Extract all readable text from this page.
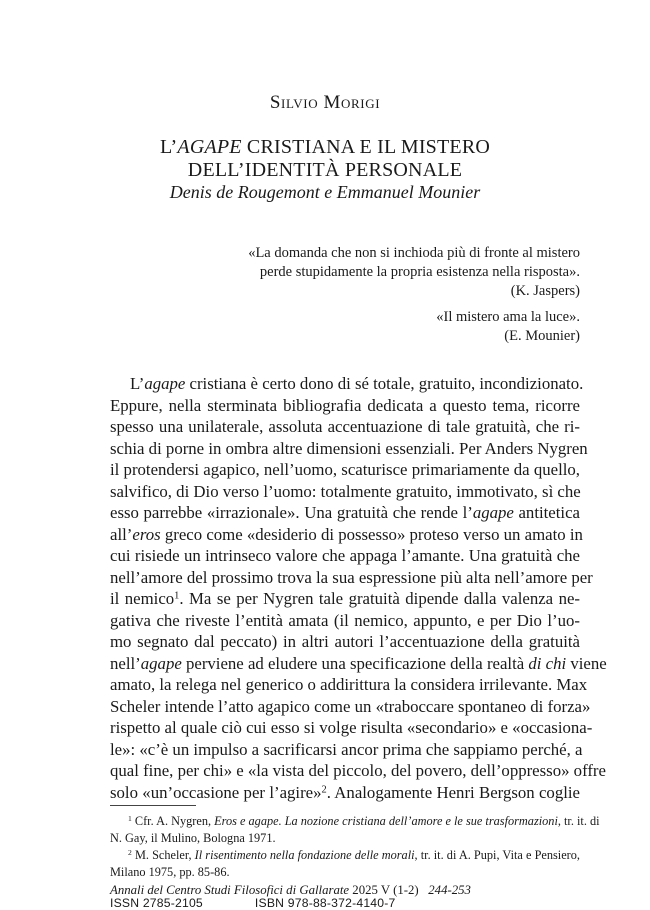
Silvio Morigi
L’AGAPE CRISTIANA E IL MISTERO
DELL’IDENTITÀ PERSONALE
Denis de Rougemont e Emmanuel Mounier
«La domanda che non si inchioda più di fronte al mistero
perde stupidamente la propria esistenza nella risposta».
(K. Jaspers)
«Il mistero ama la luce».
(E. Mounier)
L’agape cristiana è certo dono di sé totale, gratuito, incondizionato.
Eppure, nella sterminata bibliografia dedicata a questo tema, ricorre
spesso una unilaterale, assoluta accentuazione di tale gratuità, che ri-
schia di porne in ombra altre dimensioni essenziali. Per Anders Nygren
il protendersi agapico, nell’uomo, scaturisce primariamente da quello,
salvifico, di Dio verso l’uomo: totalmente gratuito, immotivato, sì che
esso parrebbe «irrazionale». Una gratuità che rende l’agape antitetica
all’eros greco come «desiderio di possesso» proteso verso un amato in
cui risiede un intrinseco valore che appaga l’amante. Una gratuità che
nell’amore del prossimo trova la sua espressione più alta nell’amore per
il nemico$^1$. Ma se per Nygren tale gratuità dipende dalla valenza ne-
gativa che riveste l’entità amata (il nemico, appunto, e per Dio l’uo-
mo segnato dal peccato) in altri autori l’accentuazione della gratuità
nell’agape perviene ad eludere una specificazione della realtà di chi viene
amato, la relega nel generico o addirittura la considera irrilevante. Max
Scheler intende l’atto agapico come un «traboccare spontaneo di forza»
rispetto al quale ciò cui esso si volge risulta «secondario» e «occasiona-
le»: «c’è un impulso a sacrificarsi ancor prima che sappiamo perché, a
qual fine, per chi» e «la vista del piccolo, del povero, dell’oppresso» offre
solo «un’occasione per l’agire»$^2$. Analogamente Henri Bergson coglie
$^1$ Cfr. A. Nygren, Eros e agape. La nozione cristiana dell’amore e le sue trasformazioni, tr. it. di
N. Gay, il Mulino, Bologna 1971.
$^2$ M. Scheler, Il risentimento nella fondazione delle morali, tr. it. di A. Pupi, Vita e Pensiero,
Milano 1975, pp. 85-86.
Annali del Centro Studi Filosofici di Gallarate 2025 V (1-2) 244-253
ISSN 2785-2105	ISBN 978-88-372-4140-7
